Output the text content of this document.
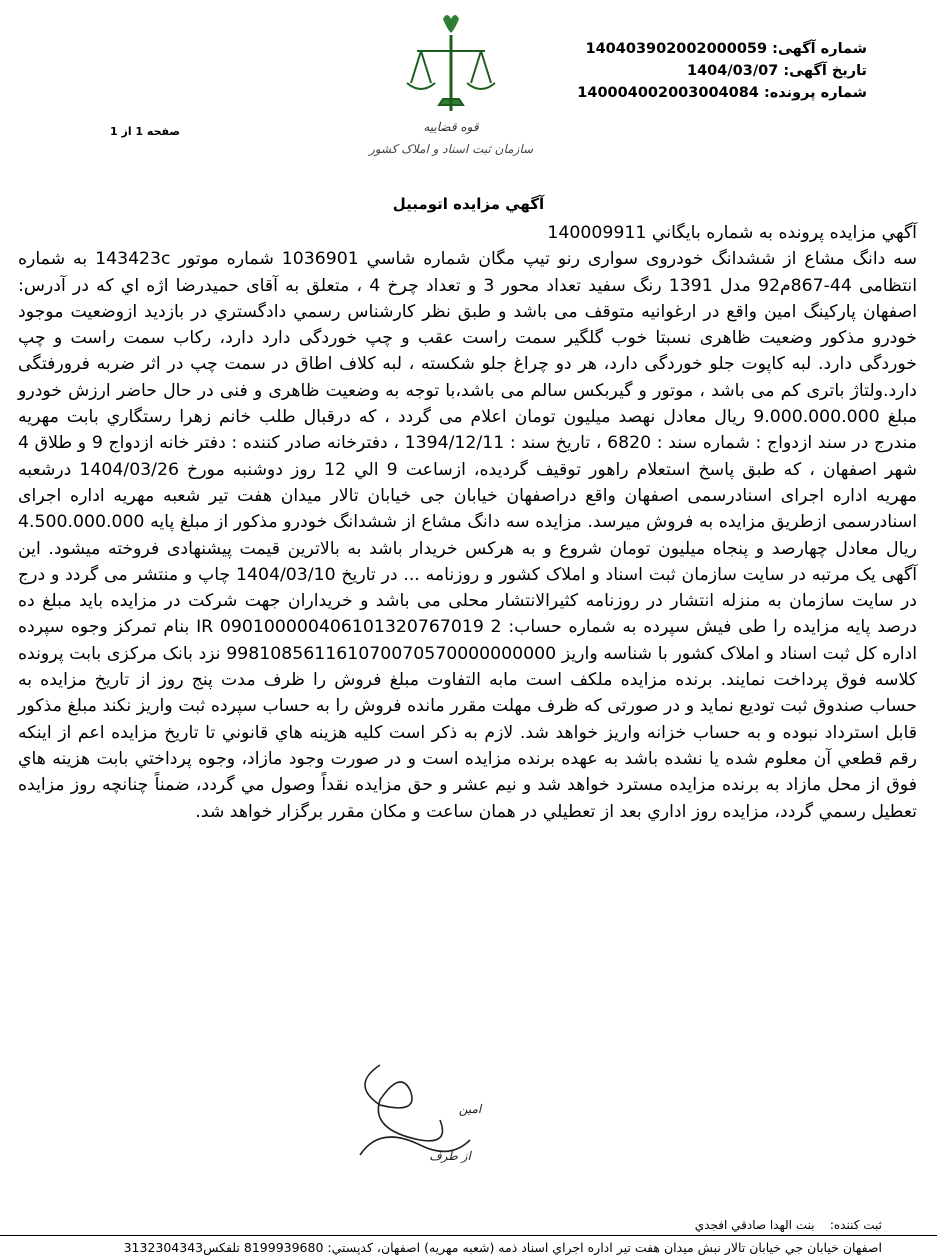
قوه قضاییه
سازمان ثبت اسناد و املاک کشور
شماره آگهی: 140403902002000059
تاریخ آگهی: 1404/03/07
شماره پرونده: 140004002003004084
صفحه 1 از 1
آگهي مزايده اتومبيل

آگهي مزايده پرونده به شماره بايگاني 140009911

سه دانگ مشاع از ششدانگ خودروی سواری رنو تیپ مگان شماره شاسي 1036901 شماره موتور 143423c به شماره انتظامی 44-867م92 مدل 1391 رنگ سفید تعداد محور 3 و تعداد چرخ 4 ، متعلق به آقای حمیدرضا اژه اي که در آدرس: اصفهان پارکینگ امین واقع در ارغوانیه متوقف می باشد و طبق نظر كارشناس رسمي دادگستري در بازدید ازوضعیت موجود خودرو مذکور وضعیت ظاهری نسبتا خوب گلگیر سمت راست عقب و چپ خوردگی دارد دارد، رکاب سمت راست و چپ خوردگی دارد. لبه کاپوت جلو خوردگی دارد، هر دو چراغ جلو شکسته ، لبه کلاف اطاق در سمت چپ در اثر ضربه فرورفتگی دارد.ولتاژ باتری کم می باشد ، موتور و گیربکس سالم می باشد،با توجه به وضعیت ظاهری و فنی در حال حاضر ارزش خودرو مبلغ 9.000.000.000 ريال معادل نهصد میلیون تومان اعلام می گردد ، که درقبال طلب خانم زهرا رستگاري بابت مهریه مندرج در سند ازدواج : شماره سند : 6820 ، تاریخ سند : 1394/12/11 ، دفترخانه صادر کننده : دفتر خانه ازدواج 9 و طلاق 4 شهر اصفهان ، كه طبق پاسخ استعلام راهور توقیف گرديده، ازساعت 9 الي 12 روز دوشنبه مورخ 1404/03/26 درشعبه مهریه اداره اجرای اسنادرسمی اصفهان واقع دراصفهان خیابان جی خیابان تالار میدان هفت تیر شعبه مهریه اداره اجرای اسنادرسمی ازطریق مزایده به فروش میرسد. مزايده سه دانگ مشاع از ششدانگ خودرو مذكور از مبلغ پايه 4.500.000.000 ريال معادل چهارصد و پنجاه میلیون تومان شروع و به هركس خريدار باشد به بالاترين قيمت پيشنهادی فروخته میشود. اين آگهی يک مرتبه در سايت سازمان ثبت اسناد و املاک کشور و روزنامه ... در تاريخ 1404/03/10 چاپ و منتشر می گردد و درج در سایت سازمان به منزله انتشار در روزنامه كثيرالانتشار محلی می باشد و خریداران جهت شرکت در مزایده باید مبلغ ده درصد پایه مزایده را طی فیش سپرده به شماره حساب: IR 090100000406101320767019 2 بنام تمرکز وجوه سپرده اداره كل ثبت اسناد و املاک کشور با شناسه واريز 998108561161070070570000000000 نزد بانک مرکزی بابت پرونده کلاسه فوق پرداخت نمایند. برنده مزایده ملکف است مابه التفاوت مبلغ فروش را ظرف مدت پنج روز از تاريخ مزايده به حساب صندوق ثبت توديع نمايد و در صورتی كه ظرف مهلت مقرر مانده فروش را به حساب سپرده ثبت واريز نكند مبلغ مذكور قابل استرداد نبوده و به حساب خزانه واريز خواهد شد. لازم به ذكر است كليه هزينه هاي قانوني تا تاريخ مزايده اعم از اينكه رقم قطعي آن معلوم شده يا نشده باشد به عهده برنده مزايده است و در صورت وجود مازاد، وجوه پرداختي بابت هزينه هاي فوق از محل مازاد به برنده مزايده مسترد خواهد شد و نيم عشر و حق مزايده نقداً وصول مي گردد، ضمناً چنانچه روز مزايده تعطيل رسمي گردد، مزايده روز اداري بعد از تعطيلي در همان ساعت و مكان مقرر برگزار خواهد شد.

امین
از طرف
ثبت كننده:    بنت الهدا صادقي افجدي
اصفهان خيابان جي خيابان تالار نبش ميدان هفت تير اداره اجراي اسناد ذمه (شعبه مهريه) اصفهان، كدپستي: 8199939680 تلفكس3132304343
